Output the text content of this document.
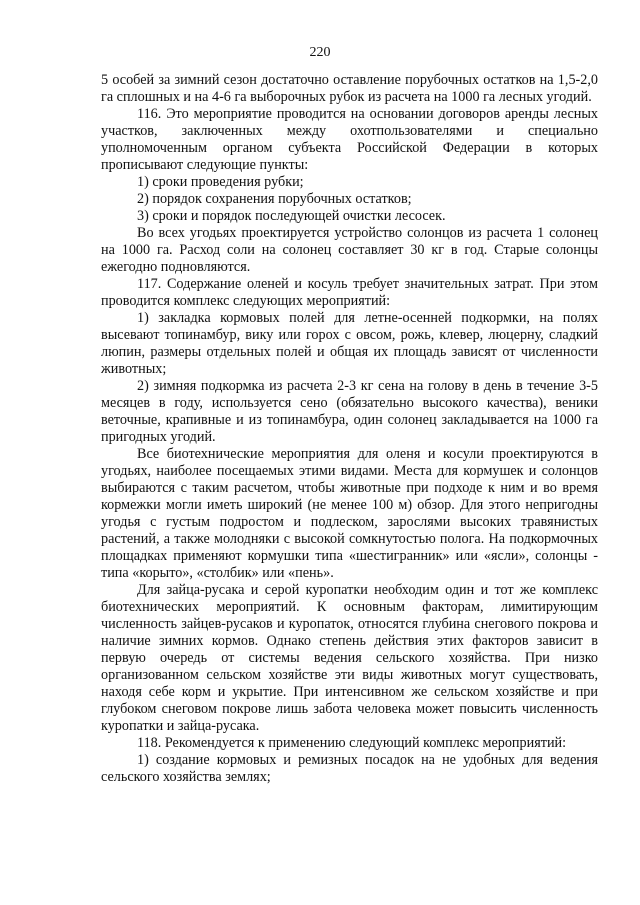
220

5 особей за зимний сезон достаточно оставление порубочных остатков на 1,5-2,0 га сплошных и на 4-6 га выборочных рубок из расчета на 1000 га лесных угодий.

116. Это мероприятие проводится на основании договоров аренды лесных участков, заключенных между охотпользователями и специально уполномоченным органом субъекта Российской Федерации в которых прописывают следующие пункты:

1) сроки проведения рубки;

2) порядок сохранения порубочных остатков;

3) сроки и порядок последующей очистки лесосек.

Во всех угодьях проектируется устройство солонцов из расчета 1 солонец на 1000 га. Расход соли на солонец составляет 30 кг в год. Старые солонцы ежегодно подновляются.

117. Содержание оленей и косуль требует значительных затрат. При этом проводится комплекс следующих мероприятий:

1) закладка кормовых полей для летне-осенней подкормки, на полях высевают топинамбур, вику или горох с овсом, рожь, клевер, люцерну, сладкий люпин, размеры отдельных полей и общая их площадь зависят от численности животных;

2) зимняя подкормка из расчета 2-3 кг сена на голову в день в течение 3-5 месяцев в году, используется сено (обязательно высокого качества), веники веточные, крапивные и из топинамбура, один солонец закладывается на 1000 га пригодных угодий.

Все биотехнические мероприятия для оленя и косули проектируются в угодьях, наиболее посещаемых этими видами. Места для кормушек и солонцов выбираются с таким расчетом, чтобы животные при подходе к ним и во время кормежки могли иметь широкий (не менее 100 м) обзор. Для этого непригодны угодья с густым подростом и подлеском, зарослями высоких травянистых растений, а также молодняки с высокой сомкнутостью полога. На подкормочных площадках применяют кормушки типа «шестигранник» или «ясли», солонцы - типа «корыто», «столбик» или «пень».

Для зайца-русака и серой куропатки необходим один и тот же комплекс биотехнических мероприятий. К основным факторам, лимитирующим численность зайцев-русаков и куропаток, относятся глубина снегового покрова и наличие зимних кормов. Однако степень действия этих факторов зависит в первую очередь от системы ведения сельского хозяйства. При низко организованном сельском хозяйстве эти виды животных могут существовать, находя себе корм и укрытие. При интенсивном же сельском хозяйстве и при глубоком снеговом покрове лишь забота человека может повысить численность куропатки и зайца-русака.

118. Рекомендуется к применению следующий комплекс мероприятий:

1) создание кормовых и ремизных посадок на не удобных для ведения сельского хозяйства землях;
